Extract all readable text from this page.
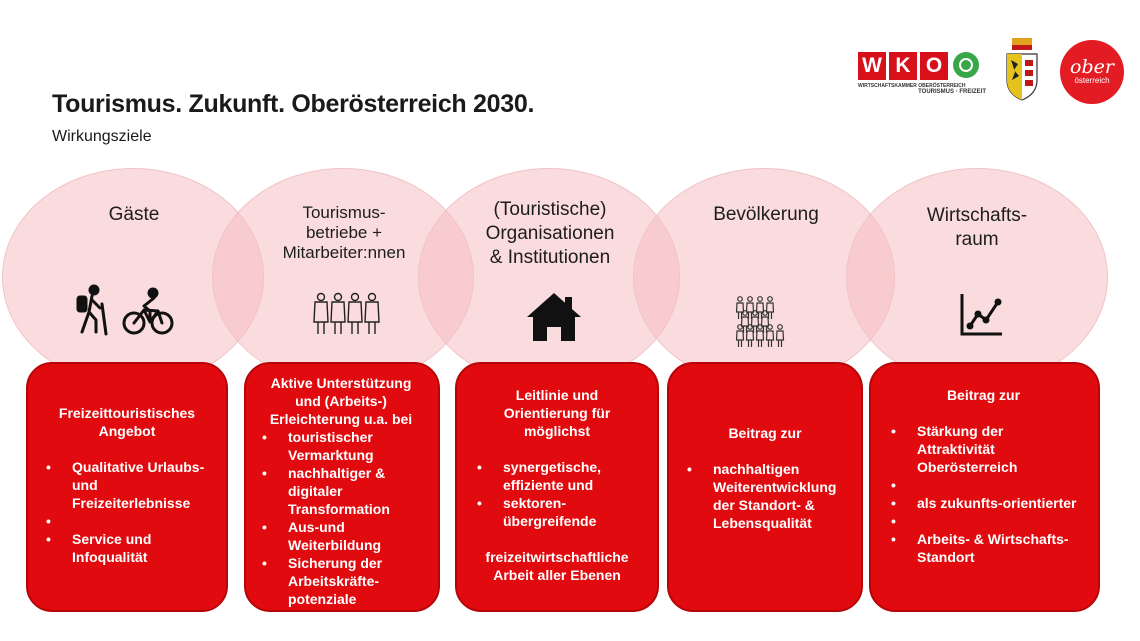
Tourismus. Zukunft. Oberösterreich 2030.
Wirkungsziele
W K O
WIRTSCHAFTSKAMMER OBERÖSTERREICH
TOURISMUS · FREIZEIT
ober
österreich
Gäste	Tourismus-
betriebe +
Mitarbeiter:nnen
(Touristische)
Organisationen
& Institutionen
Bevölkerung	Wirtschafts-
raum
Freizeittouristisches Angebot
• Qualitative Urlaubs- und Freizeiterlebnisse
•
• Service und Infoqualität
Aktive Unterstützung
und (Arbeits-)
Erleichterung u.a. bei
• touristischer Vermarktung
• nachhaltiger & digitaler Transformation
• Aus-und Weiterbildung
• Sicherung der Arbeitskräfte-potenziale
Leitlinie und
Orientierung für
möglichst
• synergetische, effiziente und
• sektoren-übergreifende
freizeitwirtschaftliche
Arbeit aller Ebenen
Beitrag zur
• nachhaltigen Weiterentwicklung der Standort- & Lebensqualität
Beitrag zur
• Stärkung der Attraktivität Oberösterreich
•
• als zukunfts-orientierter
•
• Arbeits- & Wirtschafts-Standort
